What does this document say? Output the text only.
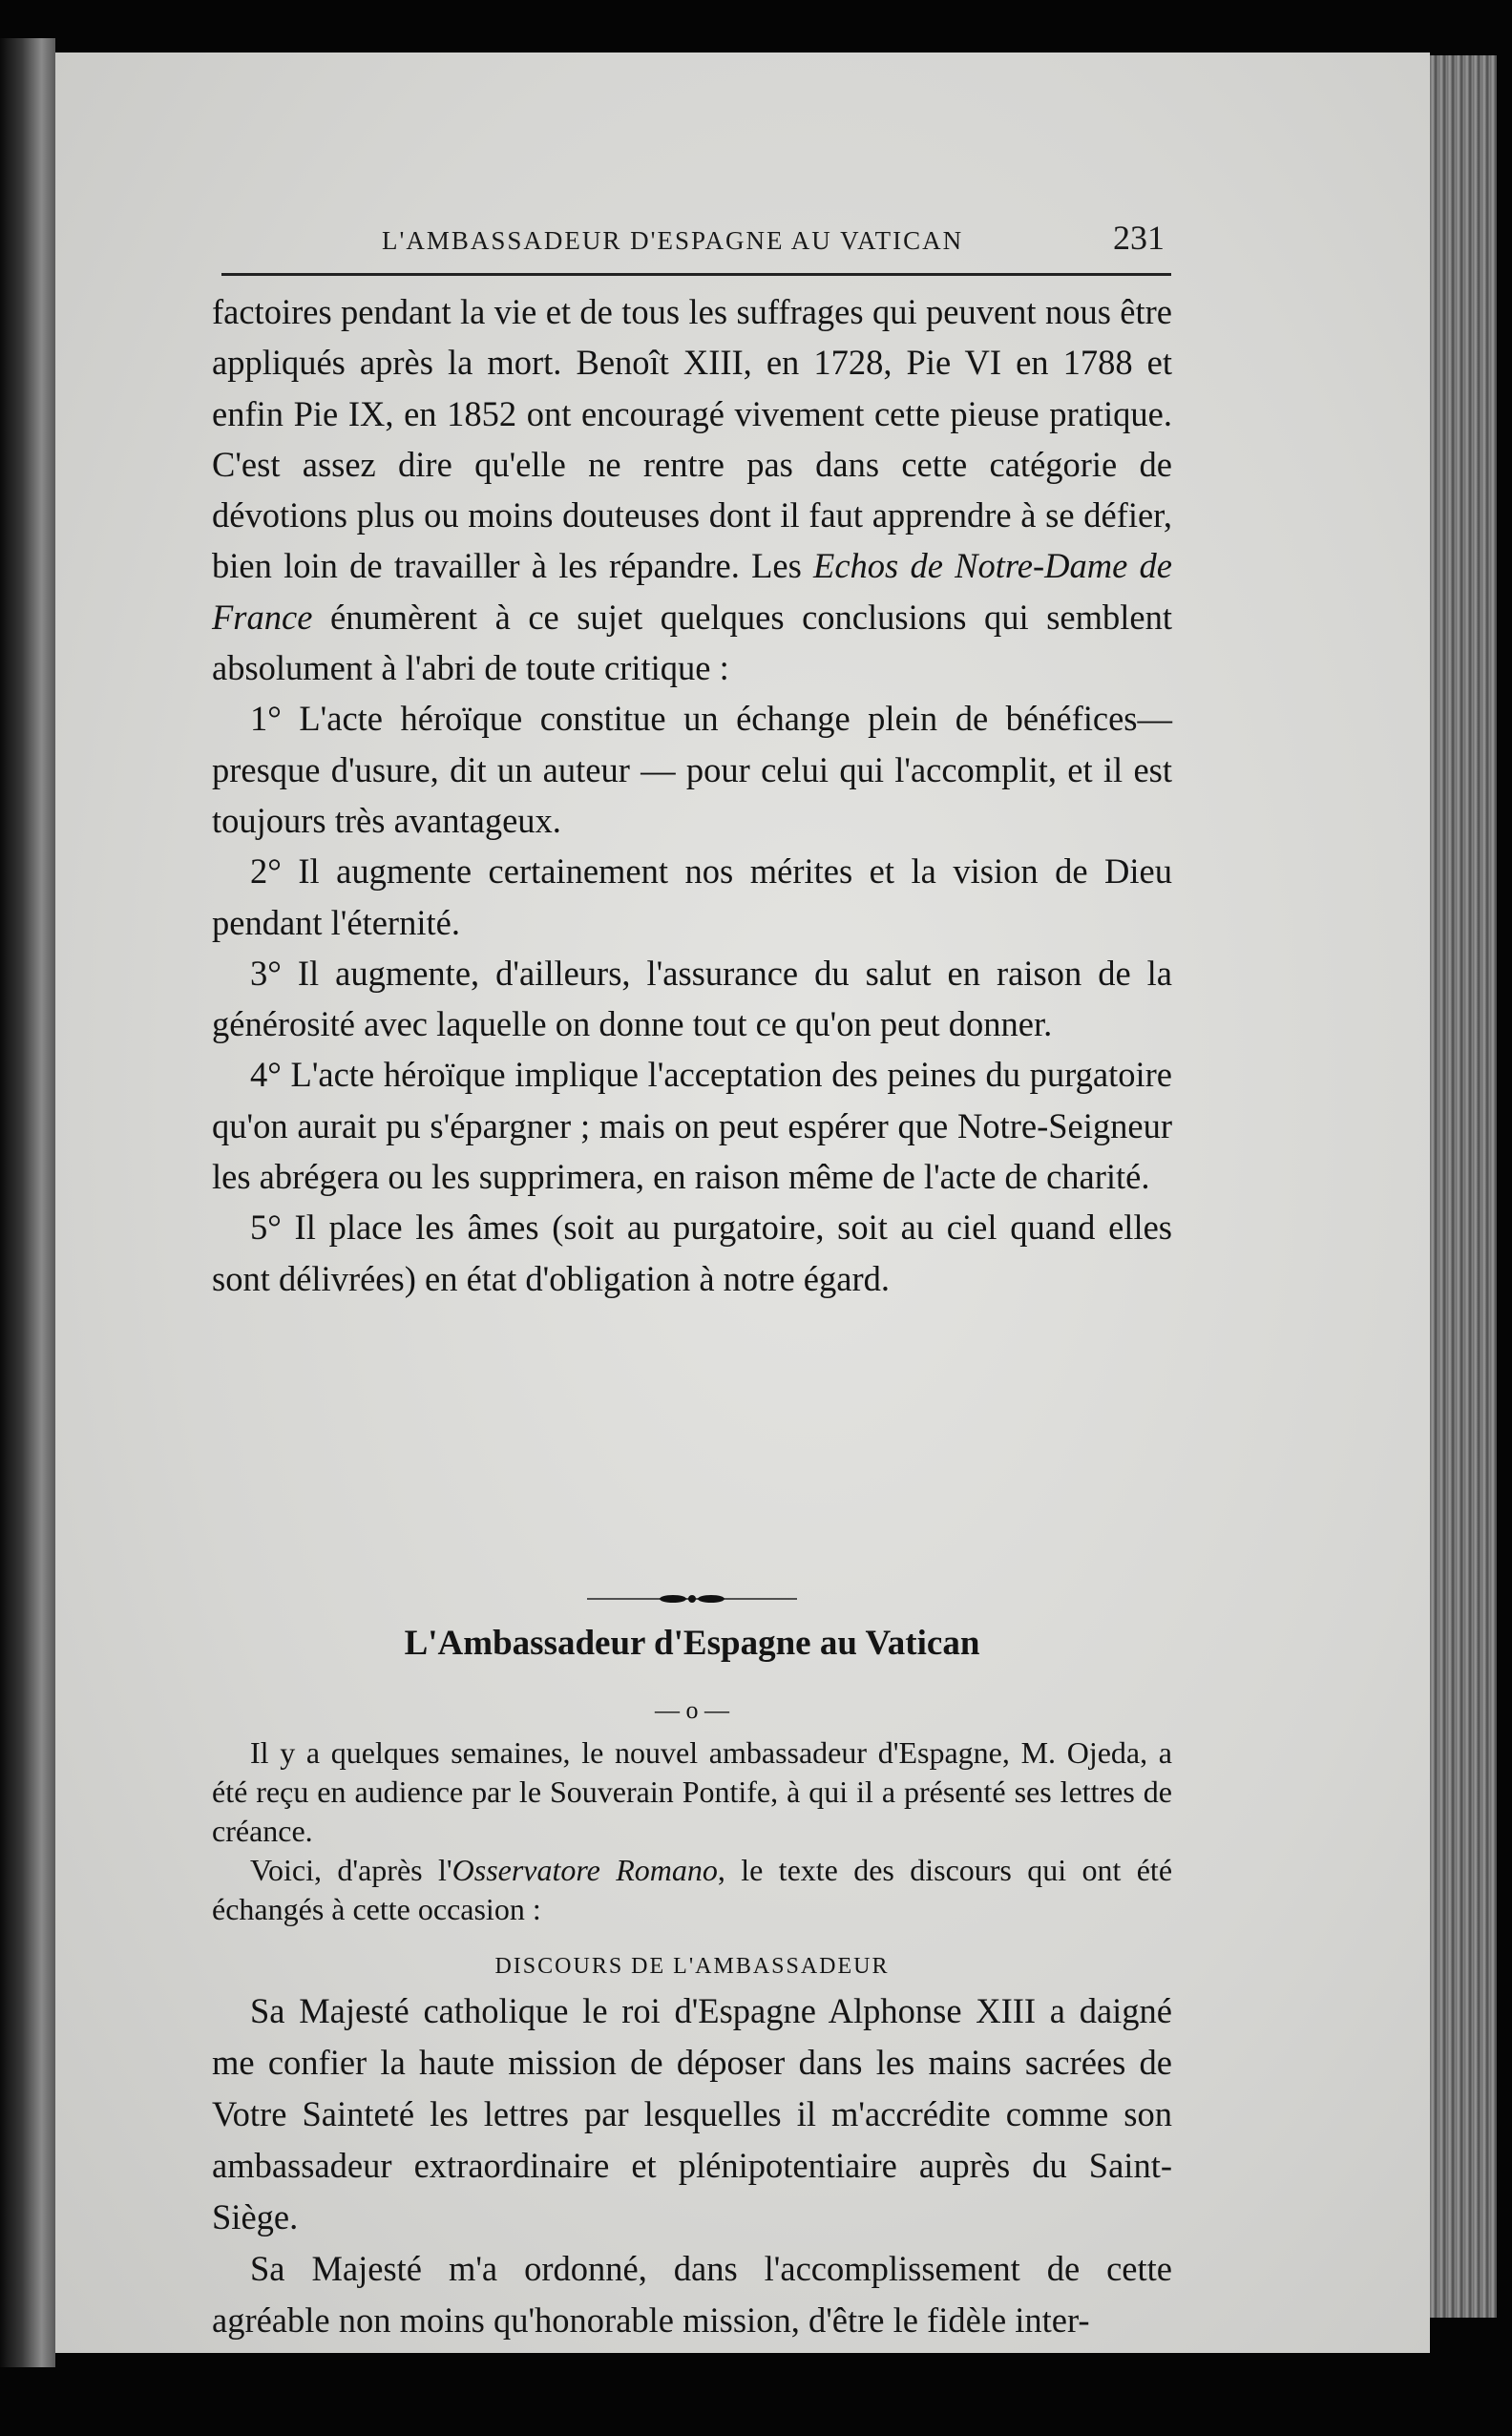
L'AMBASSADEUR D'ESPAGNE AU VATICAN	231

factoires pendant la vie et de tous les suffrages qui peuvent nous être appliqués après la mort. Benoît XIII, en 1728, Pie VI en 1788 et enfin Pie IX, en 1852 ont encouragé vivement cette pieuse pratique. C'est assez dire qu'elle ne rentre pas dans cette catégorie de dévotions plus ou moins douteuses dont il faut apprendre à se défier, bien loin de travailler à les répandre. Les Echos de Notre-Dame de France énumèrent à ce sujet quelques conclusions qui semblent absolument à l'abri de toute critique :

1° L'acte héroïque constitue un échange plein de bénéfices— presque d'usure, dit un auteur — pour celui qui l'accomplit, et il est toujours très avantageux.

2° Il augmente certainement nos mérites et la vision de Dieu pendant l'éternité.

3° Il augmente, d'ailleurs, l'assurance du salut en raison de la générosité avec laquelle on donne tout ce qu'on peut donner.

4° L'acte héroïque implique l'acceptation des peines du purgatoire qu'on aurait pu s'épargner ; mais on peut espérer que Notre-Seigneur les abrégera ou les supprimera, en raison même de l'acte de charité.

5° Il place les âmes (soit au purgatoire, soit au ciel quand elles sont délivrées) en état d'obligation à notre égard.

L'Ambassadeur d'Espagne au Vatican
— o —

Il y a quelques semaines, le nouvel ambassadeur d'Espagne, M. Ojeda, a été reçu en audience par le Souverain Pontife, à qui il a présenté ses lettres de créance.

Voici, d'après l'Osservatore Romano, le texte des discours qui ont été échangés à cette occasion :

DISCOURS DE L'AMBASSADEUR

Sa Majesté catholique le roi d'Espagne Alphonse XIII a daigné me confier la haute mission de déposer dans les mains sacrées de Votre Sainteté les lettres par lesquelles il m'accrédite comme son ambassadeur extraordinaire et plénipotentiaire auprès du Saint-Siège.

Sa Majesté m'a ordonné, dans l'accomplissement de cette agréable non moins qu'honorable mission, d'être le fidèle inter-
